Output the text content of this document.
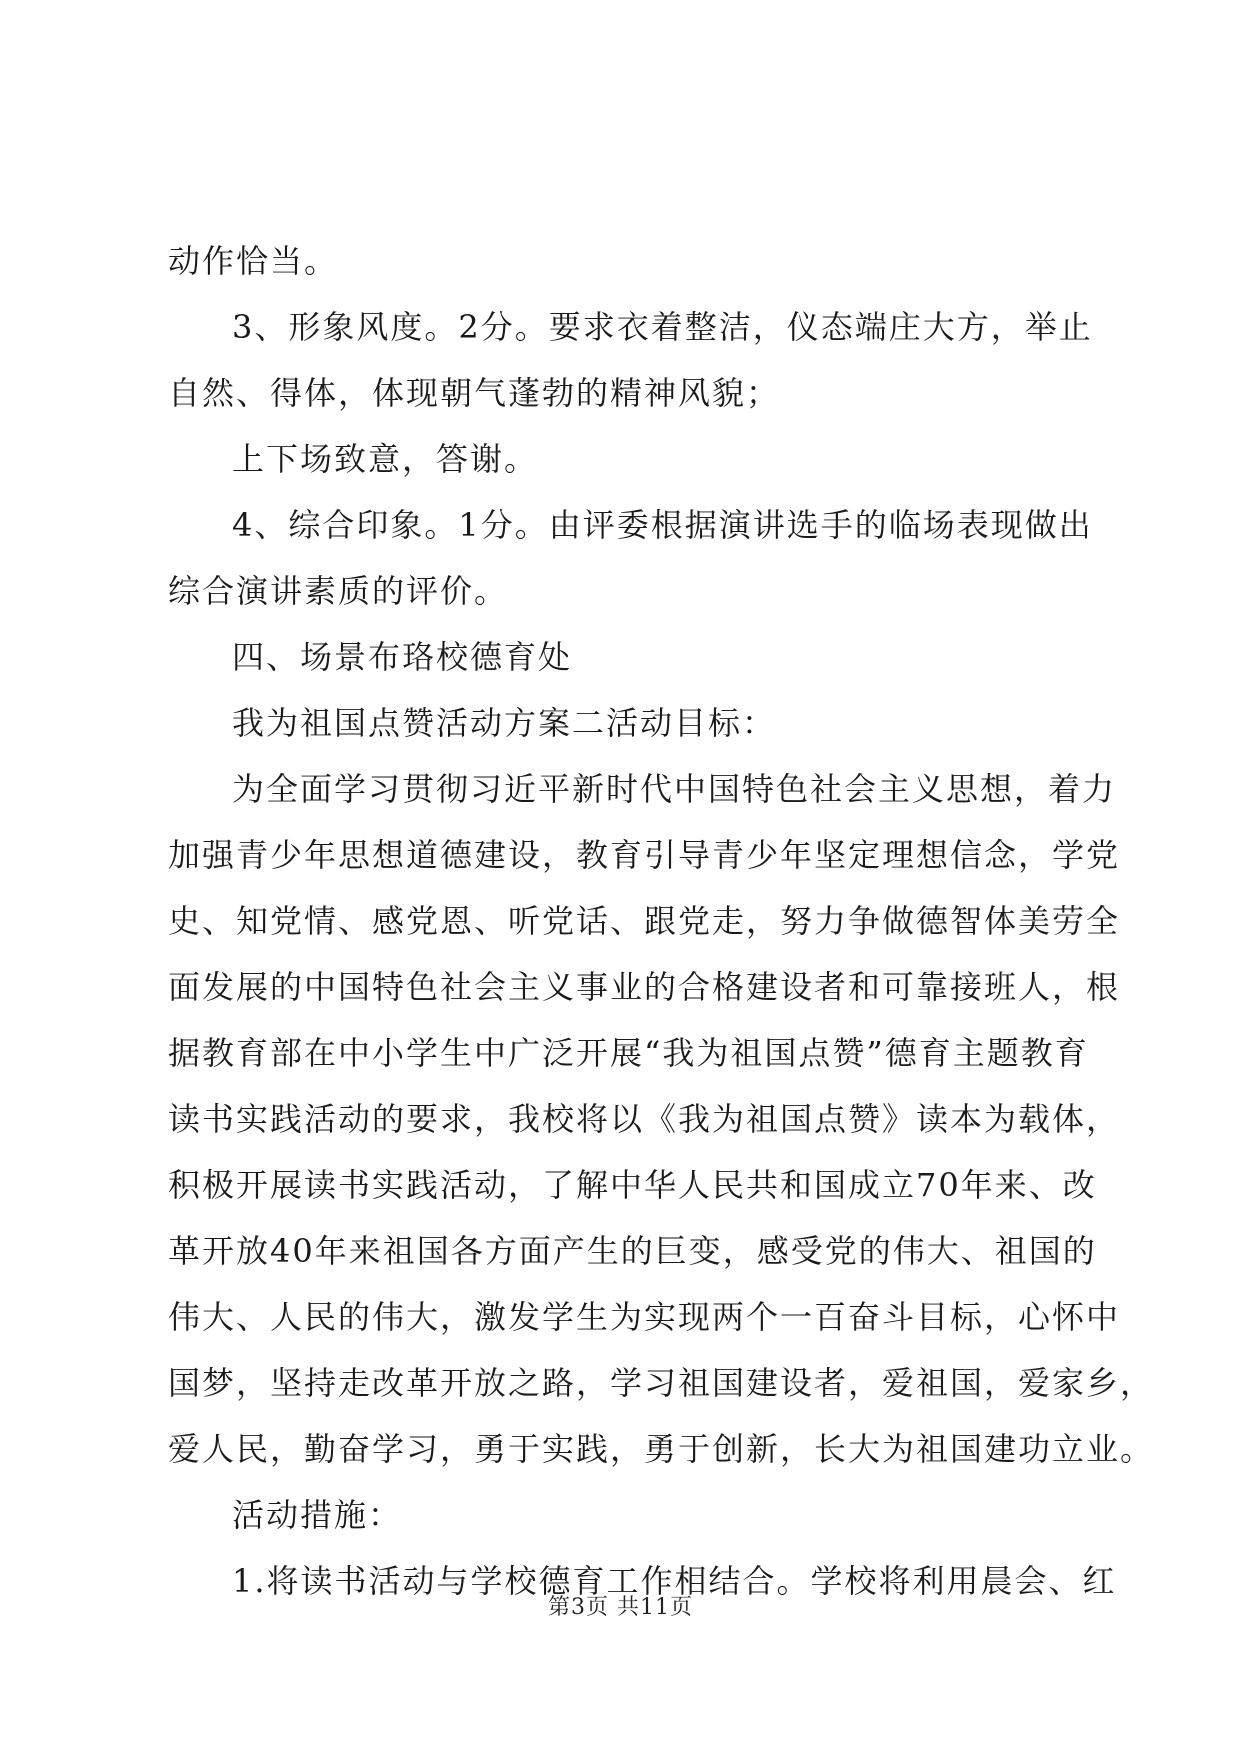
动作恰当。
3、形象风度。2分。要求衣着整洁，仪态端庄大方，举止
自然、得体，体现朝气蓬勃的精神风貌；
上下场致意，答谢。
4、综合印象。1分。由评委根据演讲选手的临场表现做出
综合演讲素质的评价。
四、场景布珞校德育处
我为祖国点赞活动方案二活动目标：
为全面学习贯彻习近平新时代中国特色社会主义思想，着力
加强青少年思想道德建设，教育引导青少年坚定理想信念，学党
史、知党情、感党恩、听党话、跟党走，努力争做德智体美劳全
面发展的中国特色社会主义事业的合格建设者和可靠接班人，根
据教育部在中小学生中广泛开展“我为祖国点赞”德育主题教育
读书实践活动的要求，我校将以《我为祖国点赞》读本为载体，
积极开展读书实践活动，了解中华人民共和国成立70年来、改
革开放40年来祖国各方面产生的巨变，感受党的伟大、祖国的
伟大、人民的伟大，激发学生为实现两个一百奋斗目标，心怀中
国梦，坚持走改革开放之路，学习祖国建设者，爱祖国，爱家乡，
爱人民，勤奋学习，勇于实践，勇于创新，长大为祖国建功立业。
活动措施：
1.将读书活动与学校德育工作相结合。学校将利用晨会、红
第3页 共11页
